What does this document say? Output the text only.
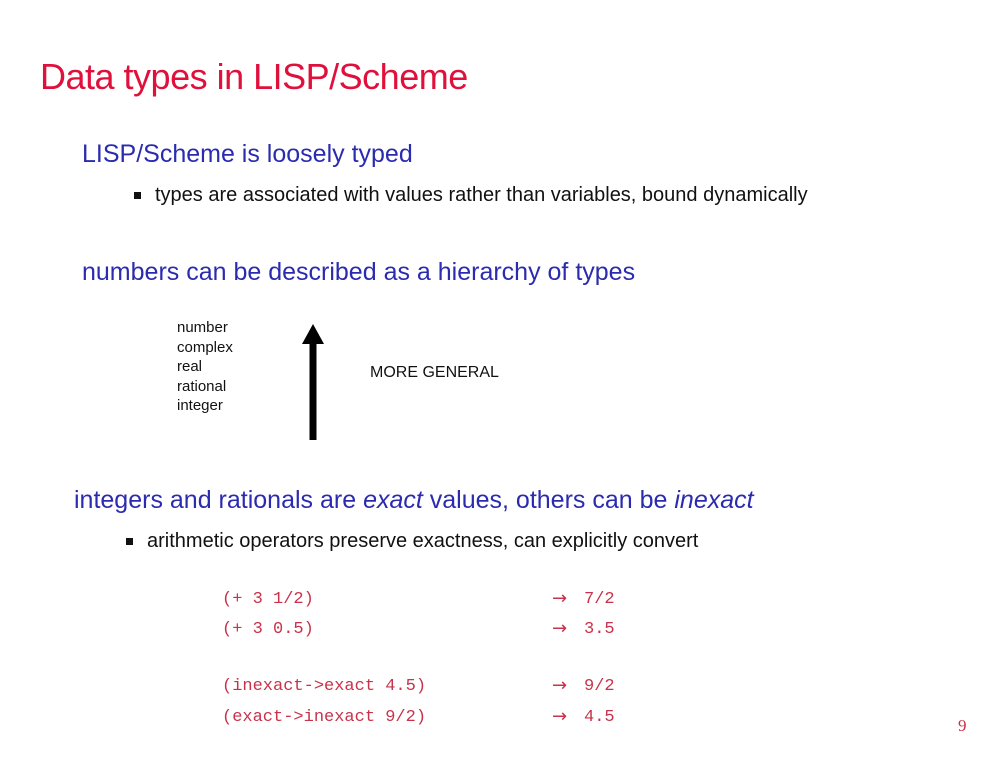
Data types in LISP/Scheme
LISP/Scheme is loosely typed
types are associated with values rather than variables, bound dynamically
numbers can be described as a hierarchy of types
number
complex
real
rational
integer
MORE GENERAL
integers and rationals are exact values, others can be inexact
arithmetic operators preserve exactness, can explicitly convert
(+ 3 1/2)	→ 7/2
(+ 3 0.5)	→ 3.5
(inexact->exact 4.5)	→ 9/2
(exact->inexact 9/2)	→ 4.5	9
